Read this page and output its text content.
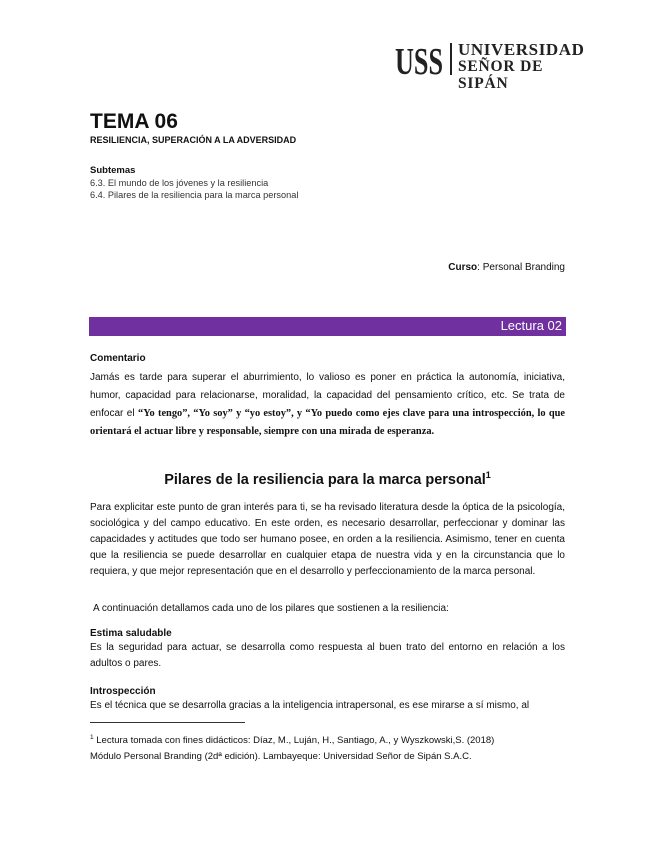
USS UNIVERSIDAD
SEÑOR DE SIPÁN
TEMA 06
RESILIENCIA, SUPERACIÓN A LA ADVERSIDAD
Subtemas
6.3. El mundo de los jóvenes y la resiliencia
6.4. Pilares de la resiliencia para la marca personal
Curso: Personal Branding
Lectura 02
Comentario
Jamás es tarde para superar el aburrimiento, lo valioso es poner en práctica la autonomía, iniciativa, humor, capacidad para relacionarse, moralidad, la capacidad del pensamiento crítico, etc. Se trata de enfocar el “Yo tengo”, “Yo soy” y “yo estoy”, y “Yo puedo como ejes clave para una introspección, lo que orientará el actuar libre y responsable, siempre con una mirada de esperanza.
Pilares de la resiliencia para la marca personal$^1$
Para explicitar este punto de gran interés para ti, se ha revisado literatura desde la óptica de la psicología, sociológica y del campo educativo. En este orden, es necesario desarrollar, perfeccionar y dominar las capacidades y actitudes que todo ser humano posee, en orden a la resiliencia. Asimismo, tener en cuenta que la resiliencia se puede desarrollar en cualquier etapa de nuestra vida y en la circunstancia que lo requiera, y que mejor representación que en el desarrollo y perfeccionamiento de la marca personal.
A continuación detallamos cada uno de los pilares que sostienen a la resiliencia:
Estima saludable
Es la seguridad para actuar, se desarrolla como respuesta al buen trato del entorno en relación a los adultos o pares.
Introspección
Es el técnica que se desarrolla gracias a la inteligencia intrapersonal, es ese mirarse a sí mismo, al
$^1$ Lectura tomada con fines didácticos: Díaz, M., Luján, H., Santiago, A., y Wyszkowski,S. (2018)
Módulo Personal Branding (2dª edición). Lambayeque: Universidad Señor de Sipán S.A.C.
